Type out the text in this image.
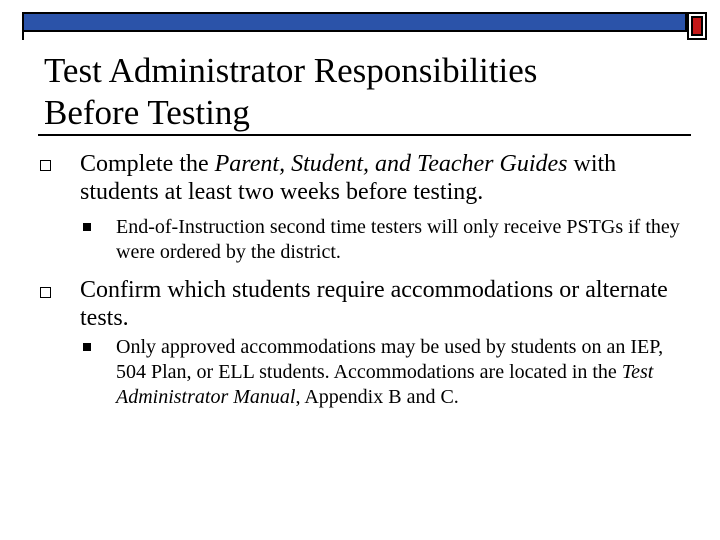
Test Administrator Responsibilities
Before Testing
Complete the Parent, Student, and Teacher Guides with students at least two weeks before testing.
End-of-Instruction second time testers will only receive PSTGs if they were ordered by the district.
Confirm which students require accommodations or alternate tests.
Only approved accommodations may be used by students on an IEP, 504 Plan, or ELL students. Accommodations are located in the Test Administrator Manual, Appendix B and C.
